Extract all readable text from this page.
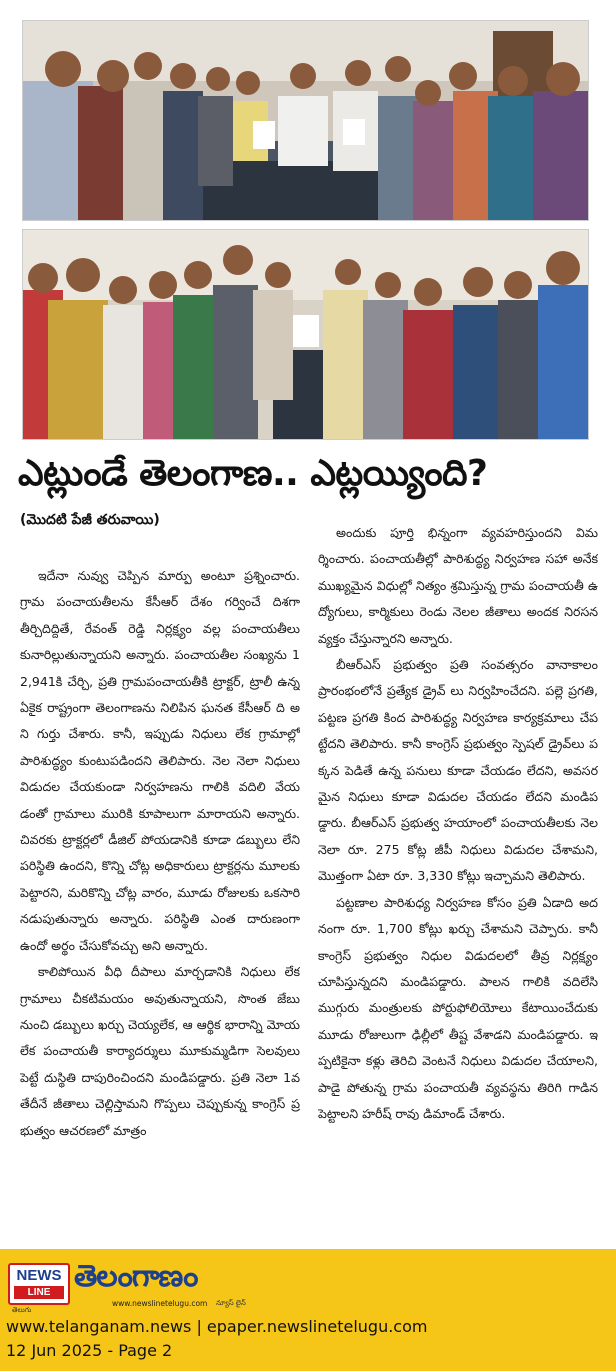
ఎట్లుండే తెలంగాణ.. ఎట్లయ్యింది?
(మొదటి పేజీ తరువాయి)

ఇదేనా నువ్వు చెప్పిన మార్పు అంటూ ప్రశ్నించారు. గ్రామ పంచాయతీలను కేసీఆర్ దేశం గర్వించే దిశగా తీర్చిదిద్దితే, రేవంత్ రెడ్డి నిర్లక్ష్యం వల్ల పంచాయతీలు కునారిల్లుతున్నాయని అన్నారు. పంచాయతీల సంఖ్యను 12,941కి చేర్చి, ప్రతి గ్రామపంచాయతీకి ట్రాక్టర్, ట్రాలీ ఉన్న ఏకైక రాష్ట్రంగా తెలంగాణను నిలిపిన ఘనత కేసీఆర్ ది అని గుర్తు చేశారు. కానీ, ఇప్పుడు నిధులు లేక గ్రామాల్లో పారిశుద్ధ్యం కుంటుపడిందని తెలిపారు. నెల నెలా నిధులు విడుదల చేయకుండా నిర్వహణను గాలికి వదిలి వేయడంతో గ్రామాలు మురికి కూపాలుగా మారాయని అన్నారు. చివరకు ట్రాక్టర్లలో డీజిల్ పోయడానికి కూడా డబ్బులు లేని పరిస్థితి ఉందని, కొన్ని చోట్ల అధికారులు ట్రాక్టర్లను మూలకు పెట్టారని, మరికొన్ని చోట్ల వారం, మూడు రోజులకు ఒకసారి నడుపుతున్నారు అన్నారు. పరిస్థితి ఎంత దారుణంగా ఉందో అర్థం చేసుకోవచ్చు అని అన్నారు.

కాలిపోయిన వీధి దీపాలు మార్చడానికి నిధులు లేక గ్రామాలు చీకటిమయం అవుతున్నాయని, సొంత జేబు నుంచి డబ్బులు ఖర్చు చెయ్యలేక, ఆ ఆర్థిక భారాన్ని మోయలేక పంచాయతీ కార్యాదర్శులు మూకుమ్మడిగా సెలవులు పెట్టే దుస్థితి దాపురించిందని మండిపడ్డారు. ప్రతి నెలా 1వ తేదీనే జీతాలు చెల్లిస్తామని గొప్పలు చెప్పుకున్న కాంగ్రెస్ ప్రభుత్వం ఆచరణలో మాత్రం

అందుకు పూర్తి భిన్నంగా వ్యవహరిస్తుందని విమర్శించారు. పంచాయతీల్లో పారిశుద్ధ్య నిర్వహణ సహా అనేక ముఖ్యమైన విధుల్లో నిత్యం శ్రమిస్తున్న గ్రామ పంచాయతీ ఉద్యోగులు, కార్మికులు రెండు నెలల జీతాలు అందక నిరసన వ్యక్తం చేస్తున్నారని అన్నారు.

బీఆర్ఎస్ ప్రభుత్వం ప్రతి సంవత్సరం వానాకాలం ప్రారంభంలోనే ప్రత్యేక డ్రైవ్ లు నిర్వహించేదని. పల్లె ప్రగతి, పట్టణ ప్రగతి కింద పారిశుద్ధ్య నిర్వహణ కార్యక్రమాలు చేపట్టేదని తెలిపారు. కానీ కాంగ్రెస్ ప్రభుత్వం స్పెషల్ డ్రైవ్‌లు పక్కన పెడితే ఉన్న పనులు కూడా చేయడం లేదని, అవసరమైన నిధులు కూడా విడుదల చేయడం లేదని మండిపడ్డారు. బీఆర్ఎస్ ప్రభుత్వ హయాంలో పంచాయతీలకు నెల నెలా రూ. 275 కోట్ల జీపీ నిధులు విడుదల చేశామని, మొత్తంగా ఏటా రూ. 3,330 కోట్లు ఇచ్చామని తెలిపారు.

పట్టణాల పారిశుధ్య నిర్వహణ కోసం ప్రతి ఏడాది అదనంగా రూ. 1,700 కోట్లు ఖర్చు చేశామని చెప్పారు. కానీ కాంగ్రెస్ ప్రభుత్వం నిధుల విడుదలలో తీవ్ర నిర్లక్ష్యం చూపిస్తున్నదని మండిపడ్డారు. పాలన గాలికి వదిలేసి ముగ్గురు మంత్రులకు పోర్టుఫోలియోలు కేటాయించేదుకు మూడు రోజులుగా ఢిల్లీలో తీష్ట వేశాడని మండిపడ్డారు. ఇప్పటికైనా కళ్లు తెరిచి వెంటనే నిధులు విడుదల చేయాలని, పాడై పోతున్న గ్రామ పంచాయతీ వ్యవస్థను తిరిగి గాడిన పెట్టాలని హరీష్ రావు డిమాండ్ చేశారు.

NEWS
LINE
తెలుగు
తెలంగాణం
www.newslinetelugu.com న్యూస్ లైన్
www.telanganam.news | epaper.newslinetelugu.com
12 Jun 2025 - Page 2
